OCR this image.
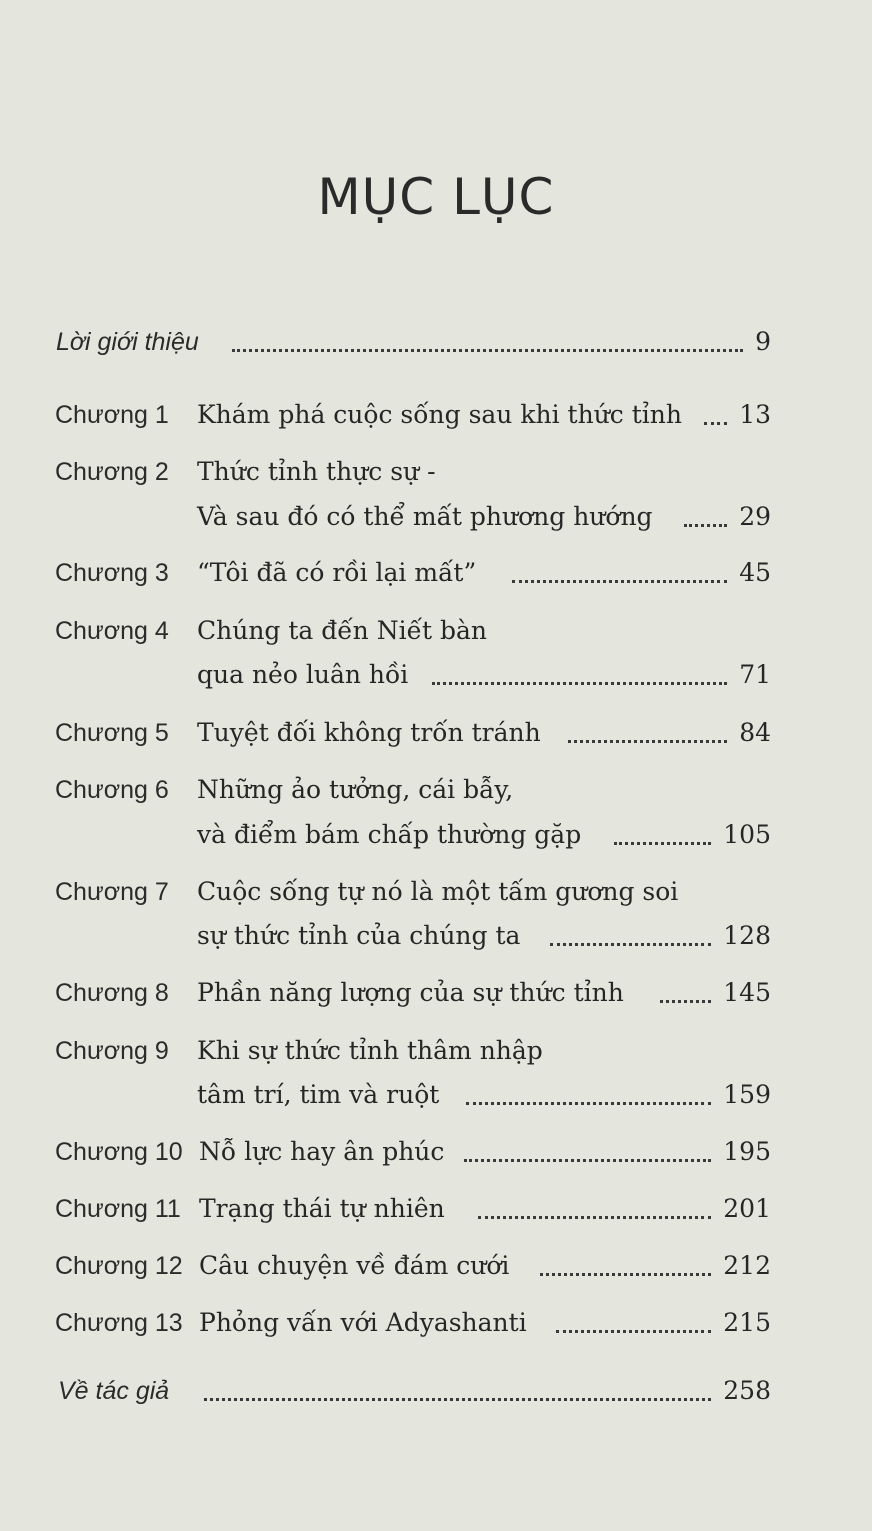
MỤC LỤC
Lời giới thiệu	9
Chương 1 Khám phá cuộc sống sau khi thức tỉnh 13
Chương 2 Thức tỉnh thực sự -
Và sau đó có thể mất phương hướng	29
Chương 3 “Tôi đã có rồi lại mất”	45
Chương 4 Chúng ta đến Niết bàn
qua nẻo luân hồi	71
Chương 5 Tuyệt đối không trốn tránh	84
Chương 6 Những ảo tưởng, cái bẫy,
và điểm bám chấp thường gặp	105
Chương 7 Cuộc sống tự nó là một tấm gương soi
sự thức tỉnh của chúng ta	128
Chương 8 Phần năng lượng của sự thức tỉnh	145
Chương 9 Khi sự thức tỉnh thâm nhập
tâm trí, tim và ruột	159
Chương 10 Nỗ lực hay ân phúc	195
Chương 11 Trạng thái tự nhiên	201
Chương 12 Câu chuyện về đám cưới	212
Chương 13 Phỏng vấn với Adyashanti	215
Về tác giả	258
